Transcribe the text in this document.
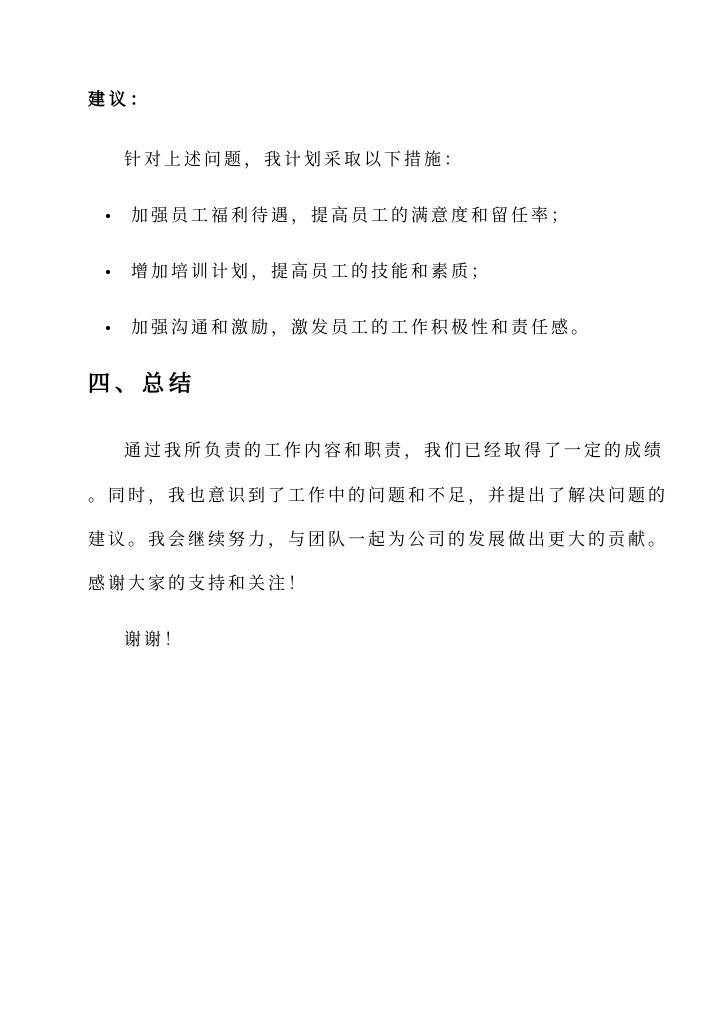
建议：
针对上述问题，我计划采取以下措施：
加强员工福利待遇，提高员工的满意度和留任率；
增加培训计划，提高员工的技能和素质；
加强沟通和激励，激发员工的工作积极性和责任感。
四、总结
通过我所负责的工作内容和职责，我们已经取得了一定的成绩
。同时，我也意识到了工作中的问题和不足，并提出了解决问题的
建议。我会继续努力，与团队一起为公司的发展做出更大的贡献。
感谢大家的支持和关注！
谢谢！
